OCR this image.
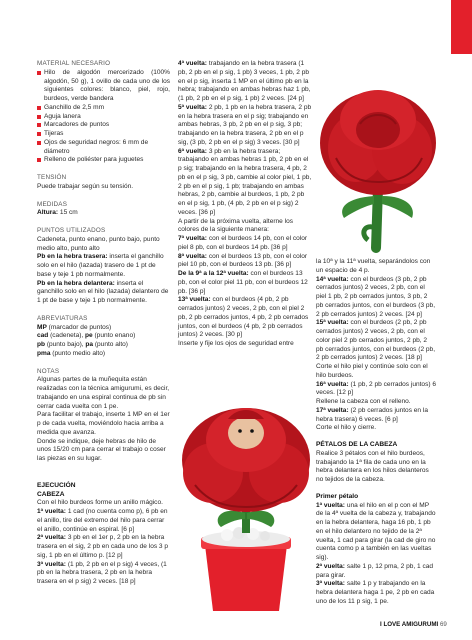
MATERIAL NECESARIO

Hilo de algodón mercerizado (100% algodón, 50 g), 1 ovillo de cada uno de los siguientes colores: blanco, piel, rojo, burdeos, verde bandera
Ganchillo de 2,5 mm
Aguja lanera
Marcadores de puntos
Tijeras
Ojos de seguridad negros: 6 mm de diámetro
Relleno de poliéster para juguetes

TENSIÓN

Puede trabajar según su tensión.

MEDIDAS

Altura: 15 cm

PUNTOS UTILIZADOS

Cadeneta, punto enano, punto bajo, punto medio alto, punto alto

Pb en la hebra trasera: inserta el ganchillo solo en el hilo (lazada) trasero de 1 pt de base y teje 1 pb normalmente.

Pb en la hebra delantera: inserta el ganchillo solo en el hilo (lazada) delantero de 1 pt de base y teje 1 pb normalmente.

ABREVIATURAS

MP (marcador de puntos)

cad (cadeneta), pe (punto enano)

pb (punto bajo), pa (punto alto)

pma (punto medio alto)

NOTAS

Algunas partes de la muñequita están realizadas con la técnica amigurumi, es decir, trabajando en una espiral continua de pb sin cerrar cada vuelta con 1 pe.

Para facilitar el trabajo, inserte 1 MP en el 1er p de cada vuelta, moviéndolo hacia arriba a medida que avanza.

Donde se indique, deje hebras de hilo de unos 15/20 cm para cerrar el trabajo o coser las piezas en su lugar.

EJECUCIÓN

CABEZA

Con el hilo burdeos forme un anillo mágico.

1ª vuelta: 1 cad (no cuenta como p), 6 pb en el anillo, tire del extremo del hilo para cerrar el anillo, continúe en espiral. [6 p]

2ª vuelta: 3 pb en el 1er p, 2 pb en la hebra trasera en el sig, 2 pb en cada uno de los 3 p sig, 1 pb en el último p. [12 p]

3ª vuelta: (1 pb, 2 pb en el p sig) 4 veces, (1 pb en la hebra trasera, 2 pb en la hebra trasera en el p sig) 2 veces. [18 p]

4ª vuelta: trabajando en la hebra trasera (1 pb, 2 pb en el p sig, 1 pb) 3 veces, 1 pb, 2 pb en el p sig, inserta 1 MP en el último pb en la hebra; trabajando en ambas hebras haz 1 pb, (1 pb, 2 pb en el p sig, 1 pb) 2 veces. [24 p]

5ª vuelta: 2 pb, 1 pb en la hebra trasera, 2 pb en la hebra trasera en el p sig; trabajando en ambas hebras, 3 pb, 2 pb en el p sig, 3 pb; trabajando en la hebra trasera, 2 pb en el p sig, (3 pb, 2 pb en el p sig) 3 veces. [30 p]

6ª vuelta: 3 pb en la hebra trasera; trabajando en ambas hebras 1 pb, 2 pb en el p sig; trabajando en la hebra trasera, 4 pb, 2 pb en el p sig, 3 pb, cambie al color piel, 1 pb, 2 pb en el p sig, 1 pb; trabajando en ambas hebras, 2 pb, cambie al burdeos, 1 pb, 2 pb en el p sig, 1 pb, (4 pb, 2 pb en el p sig) 2 veces. [36 p]

A partir de la próxima vuelta, alterne los colores de la siguiente manera:

7ª vuelta: con el burdeos 14 pb, con el color piel 8 pb, con el burdeos 14 pb. [36 p]

8ª vuelta: con el burdeos 13 pb, con el color piel 10 pb, con el burdeos 13 pb. [36 p]

De la 9ª a la 12ª vuelta: con el burdeos 13 pb, con el color piel 11 pb, con el burdeos 12 pb. [36 p]

13ª vuelta: con el burdeos (4 pb, 2 pb cerrados juntos) 2 veces, 2 pb, con el piel 2 pb, 2 pb cerrados juntos, 4 pb, 2 pb cerrados juntos, con el burdeos (4 pb, 2 pb cerrados juntos) 2 veces. [30 p]

Inserte y fije los ojos de seguridad entre

la 10ª y la 11ª vuelta, separándolos con un espacio de 4 p.

14ª vuelta: con el burdeos (3 pb, 2 pb cerrados juntos) 2 veces, 2 pb, con el piel 1 pb, 2 pb cerrados juntos, 3 pb, 2 pb cerrados juntos, con el burdeos (3 pb, 2 pb cerrados juntos) 2 veces. [24 p]

15ª vuelta: con el burdeos (2 pb, 2 pb cerrados juntos) 2 veces, 2 pb, con el color piel 2 pb cerrados juntos, 2 pb, 2 pb cerrados juntos, con el burdeos (2 pb, 2 pb cerrados juntos) 2 veces. [18 p]

Corte el hilo piel y continúe solo con el hilo burdeos.

16ª vuelta: (1 pb, 2 pb cerrados juntos) 6 veces. [12 p]

Rellene la cabeza con el relleno.

17ª vuelta: (2 pb cerrados juntos en la hebra trasera) 6 veces. [6 p]

Corte el hilo y cierre.

PÉTALOS DE LA CABEZA

Realice 3 pétalos con el hilo burdeos, trabajando la 1ª fila de cada uno en la hebra delantera en los hilos delanteros no tejidos de la cabeza.

Primer pétalo

1ª vuelta: una el hilo en el p con el MP de la 4ª vuelta de la cabeza y, trabajando en la hebra delantera, haga 16 pb, 1 pb en el hilo delantero no tejido de la 2ª vuelta, 1 cad para girar (la cad de giro no cuenta como p a también en las vueltas sig).

2ª vuelta: salte 1 p, 12 pma, 2 pb, 1 cad para girar.

3ª vuelta: salte 1 p y trabajando en la hebra delantera haga 1 pe, 2 pb en cada uno de los 11 p sig, 1 pe.

I LOVE AMIGURUMI 69
